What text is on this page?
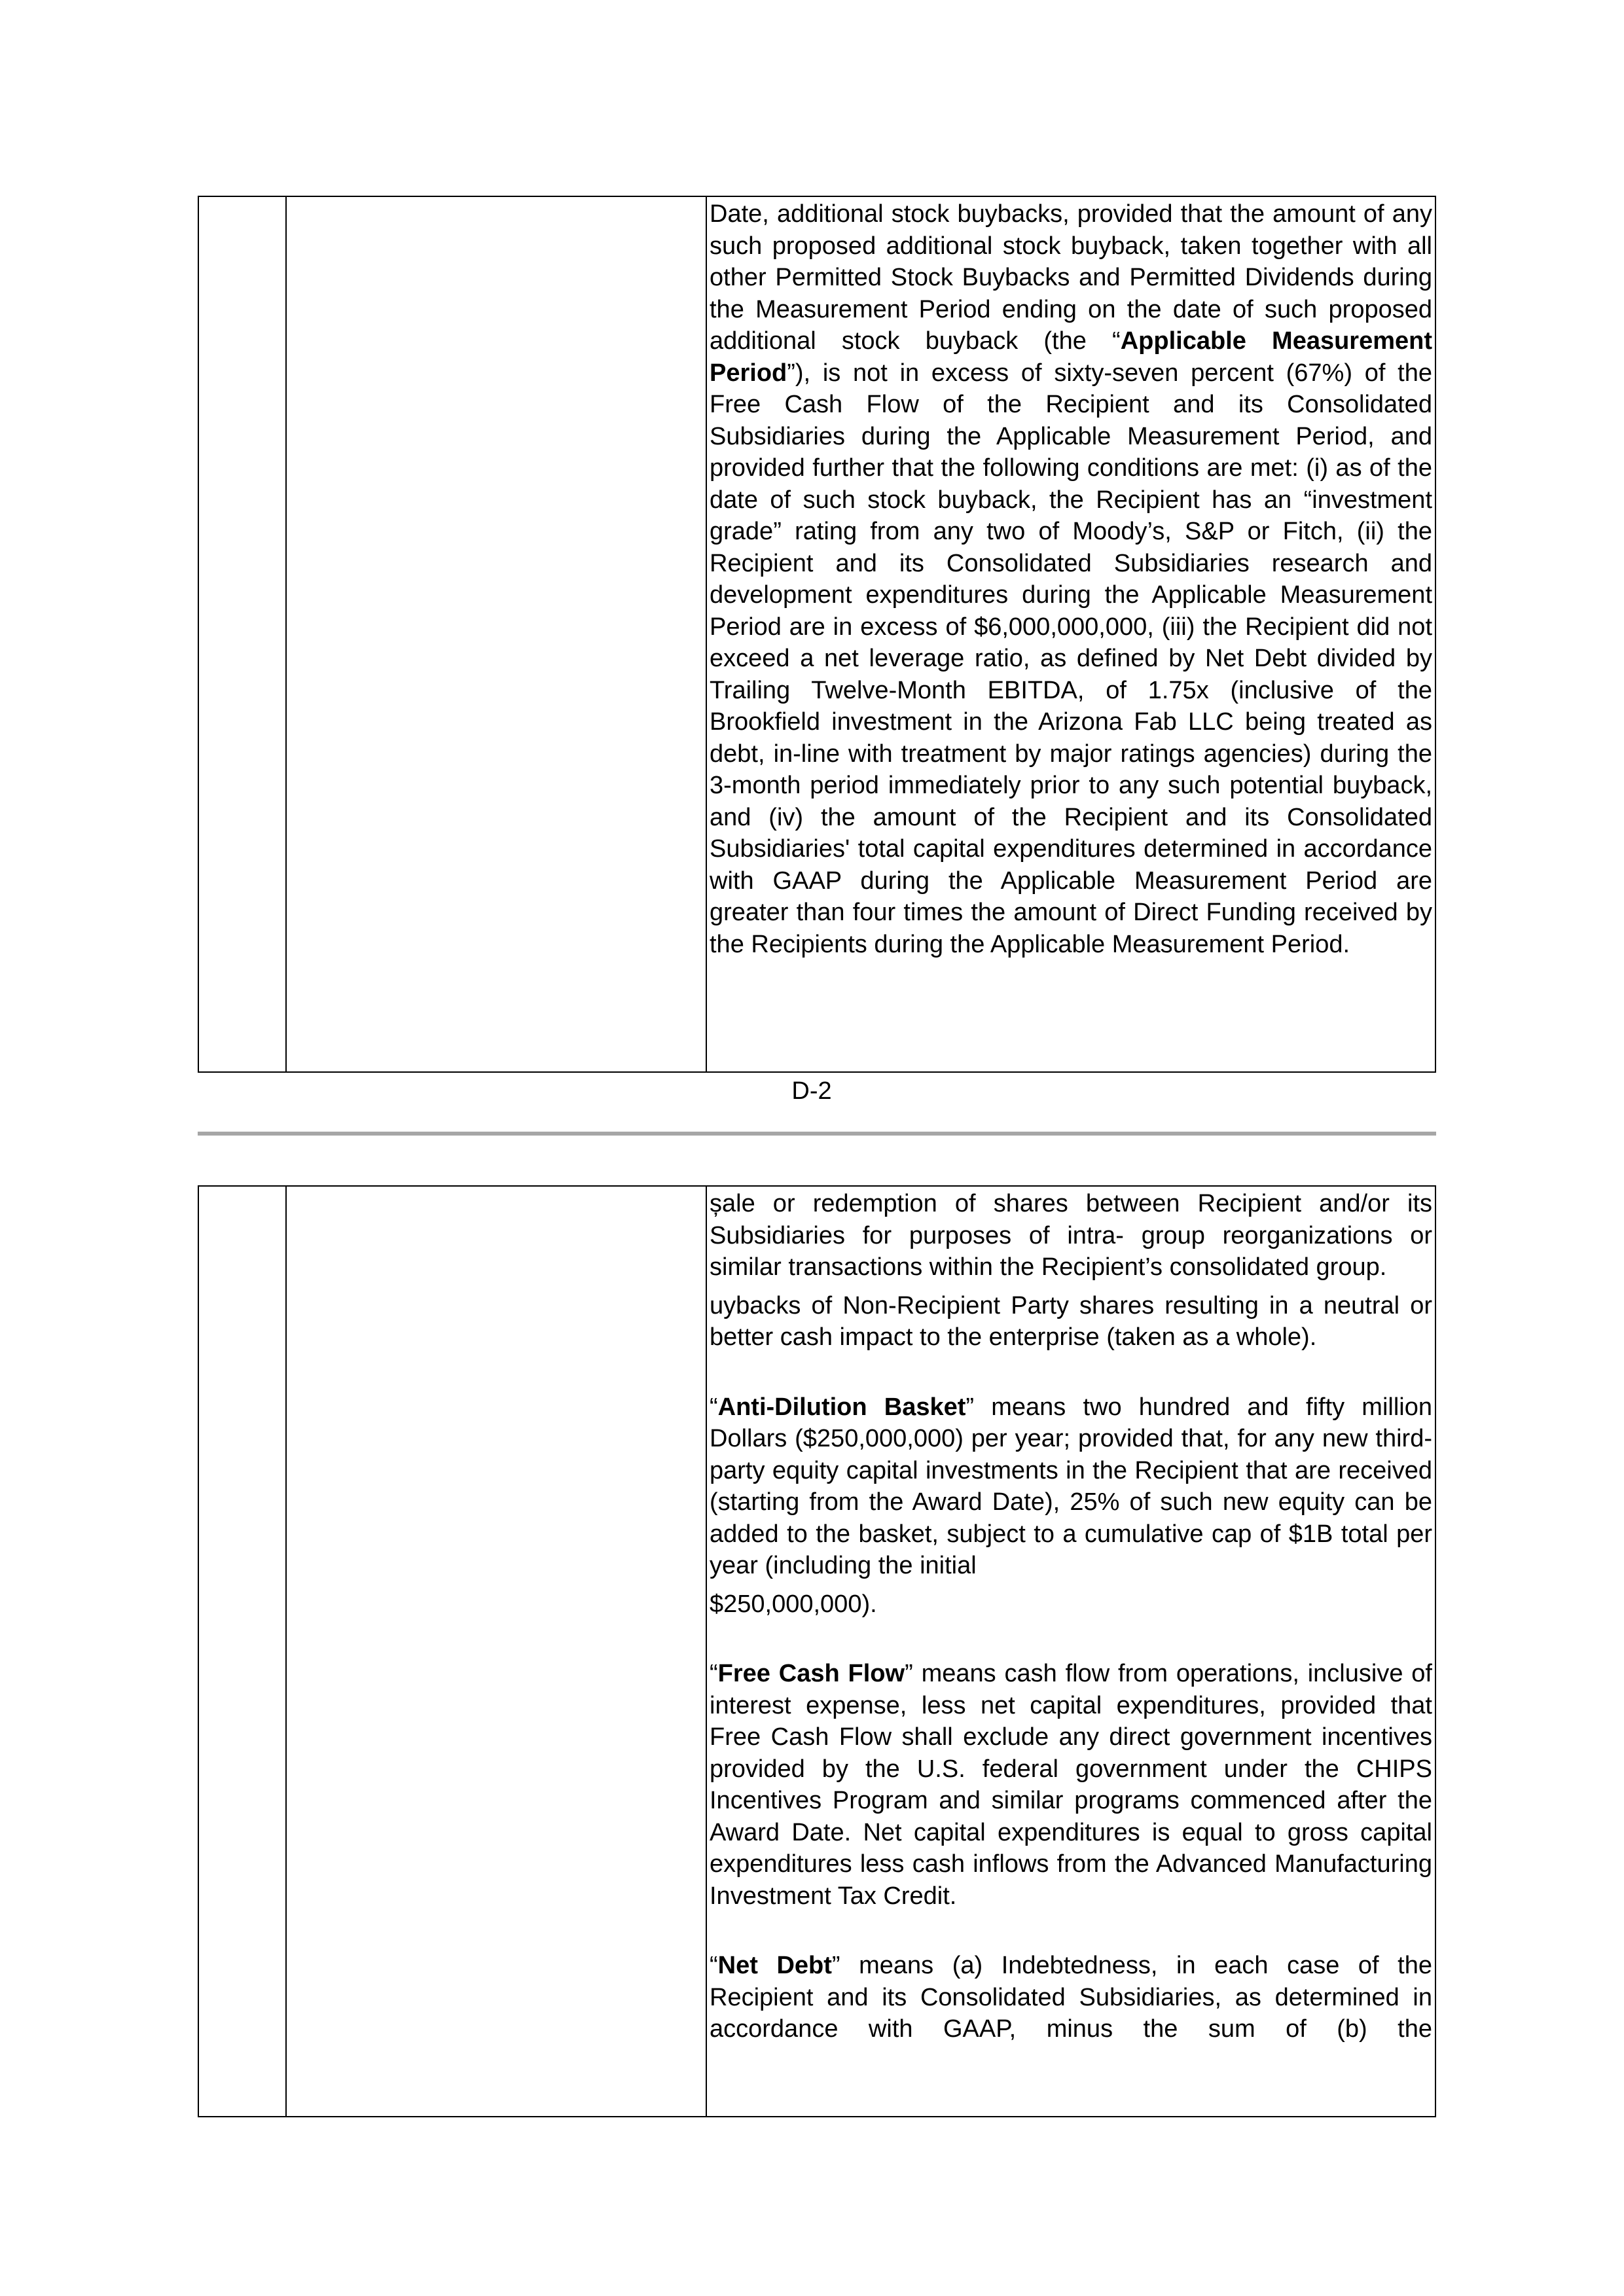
Date, additional stock buybacks, provided that the amount of any such proposed additional stock buyback, taken together with all other Permitted Stock Buybacks and Permitted Dividends during the Measurement Period ending on the date of such proposed additional stock buyback (the “Applicable Measurement Period”), is not in excess of sixty-seven percent (67%) of the Free Cash Flow of the Recipient and its Consolidated Subsidiaries during the Applicable Measurement Period, and provided further that the following conditions are met: (i) as of the date of such stock buyback, the Recipient has an “investment grade” rating from any two of Moody’s, S&P or Fitch, (ii) the Recipient and its Consolidated Subsidiaries research and development expenditures during the Applicable Measurement Period are in excess of $6,000,000,000, (iii) the Recipient did not exceed a net leverage ratio, as defined by Net Debt divided by Trailing Twelve-Month EBITDA, of 1.75x (inclusive of the Brookfield investment in the Arizona Fab LLC being treated as debt, in-line with treatment by major ratings agencies) during the 3-month period immediately prior to any such potential buyback, and (iv) the amount of the Recipient and its Consolidated Subsidiaries' total capital expenditures determined in accordance with GAAP during the Applicable Measurement Period are greater than four times the amount of Direct Funding received by the Recipients during the Applicable Measurement Period.

D-2

șale or redemption of shares between Recipient and/or its Subsidiaries for purposes of intra- group reorganizations or similar transactions within the Recipient’s consolidated group.

uybacks of Non-Recipient Party shares resulting in a neutral or better cash impact to the enterprise (taken as a whole).

“Anti-Dilution Basket” means two hundred and fifty million Dollars ($250,000,000) per year; provided that, for any new third-party equity capital investments in the Recipient that are received (starting from the Award Date), 25% of such new equity can be added to the basket, subject to a cumulative cap of $1B total per year (including the initial

$250,000,000).

“Free Cash Flow” means cash flow from operations, inclusive of interest expense, less net capital expenditures, provided that Free Cash Flow shall exclude any direct government incentives provided by the U.S. federal government under the CHIPS Incentives Program and similar programs commenced after the Award Date. Net capital expenditures is equal to gross capital expenditures less cash inflows from the Advanced Manufacturing Investment Tax Credit.

“Net Debt” means (a) Indebtedness, in each case of the Recipient and its Consolidated Subsidiaries, as determined in accordance with GAAP, minus the sum of (b) the
